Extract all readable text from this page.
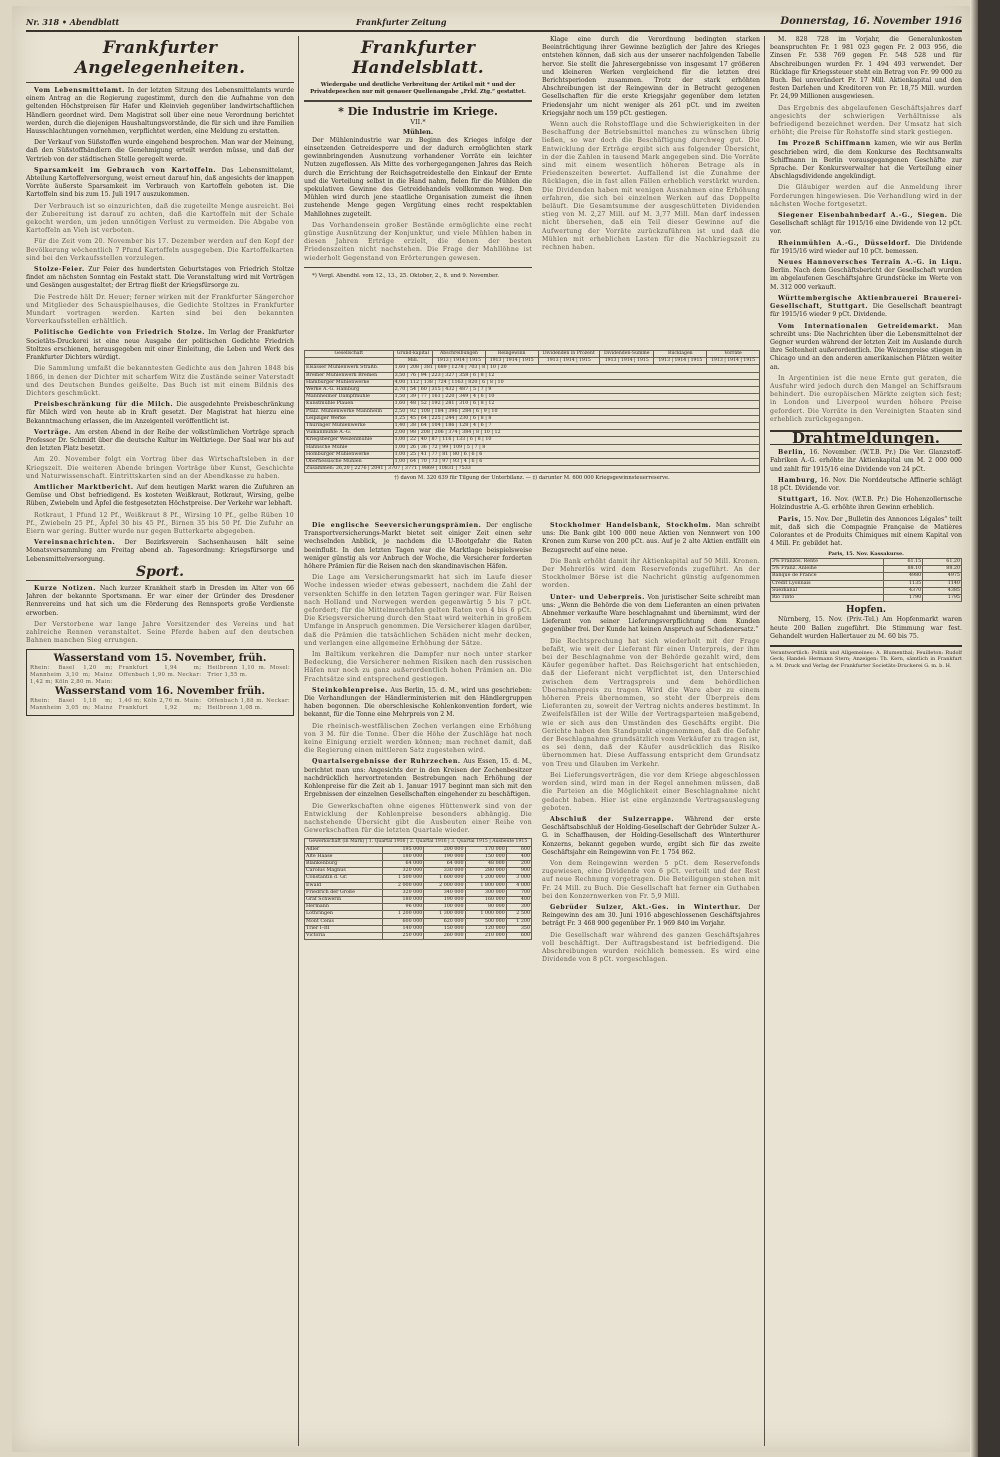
Nr. 318 • Abendblatt	Frankfurter Zeitung	Donnerstag, 16. November 1916
Frankfurter Angelegenheiten.

Vom Lebensmittelamt. In der letzten Sitzung des Lebensmittelamts wurde einem Antrag an die Regierung zugestimmt, durch den die Aufnahme von den geltenden Höchstpreisen für Hafer und Kleinvieh gegenüber landwirtschaftlichen Händlern geordnet wird. Dem Magistrat soll über eine neue Verordnung berichtet werden, durch die diejenigen Haushaltungsvorstände, die für sich und ihre Familien Hausschlachtungen vornehmen, verpflichtet werden, eine Meldung zu erstatten.

Der Verkauf von Süßstoffen wurde eingehend besprochen. Man war der Meinung, daß den Süßstoffhändlern die Genehmigung erteilt werden müsse, und daß der Vertrieb von der städtischen Stelle geregelt werde.

Sparsamkeit im Gebrauch von Kartoffeln. Das Lebensmittelamt, Abteilung Kartoffelversorgung, weist erneut darauf hin, daß angesichts der knappen Vorräte äußerste Sparsamkeit im Verbrauch von Kartoffeln geboten ist. Die Kartoffeln sind bis zum 15. Juli 1917 auszukommen.

Der Verbrauch ist so einzurichten, daß die zugeteilte Menge ausreicht. Bei der Zubereitung ist darauf zu achten, daß die Kartoffeln mit der Schale gekocht werden, um jeden unnötigen Verlust zu vermeiden. Die Abgabe von Kartoffeln an Vieh ist verboten.

Für die Zeit vom 20. November bis 17. Dezember werden auf den Kopf der Bevölkerung wöchentlich 7 Pfund Kartoffeln ausgegeben. Die Kartoffelkarten sind bei den Verkaufsstellen vorzulegen.

Stolze-Feier. Zur Feier des hundertsten Geburtstages von Friedrich Stoltze findet am nächsten Sonntag ein Festakt statt. Die Veranstaltung wird mit Vorträgen und Gesängen ausgestaltet; der Ertrag fließt der Kriegsfürsorge zu.

Die Festrede hält Dr. Heuer; ferner wirken mit der Frankfurter Sängerchor und Mitglieder des Schauspielhauses, die Gedichte Stoltzes in Frankfurter Mundart vortragen werden. Karten sind bei den bekannten Vorverkaufsstellen erhältlich.

Politische Gedichte von Friedrich Stolze. Im Verlag der Frankfurter Societäts-Druckerei ist eine neue Ausgabe der politischen Gedichte Friedrich Stoltzes erschienen, herausgegeben mit einer Einleitung, die Leben und Werk des Frankfurter Dichters würdigt.

Die Sammlung umfaßt die bekanntesten Gedichte aus den Jahren 1848 bis 1866, in denen der Dichter mit scharfem Witz die Zustände seiner Vaterstadt und des Deutschen Bundes geißelte. Das Buch ist mit einem Bildnis des Dichters geschmückt.

Preisbeschränkung für die Milch. Die ausgedehnte Preisbeschränkung für Milch wird von heute ab in Kraft gesetzt. Der Magistrat hat hierzu eine Bekanntmachung erlassen, die im Anzeigenteil veröffentlicht ist.

Vorträge. Am ersten Abend in der Reihe der volkstümlichen Vorträge sprach Professor Dr. Schmidt über die deutsche Kultur im Weltkriege. Der Saal war bis auf den letzten Platz besetzt.

Am 20. November folgt ein Vortrag über das Wirtschaftsleben in der Kriegszeit. Die weiteren Abende bringen Vorträge über Kunst, Geschichte und Naturwissenschaft. Eintrittskarten sind an der Abendkasse zu haben.

Amtlicher Marktbericht. Auf dem heutigen Markt waren die Zufuhren an Gemüse und Obst befriedigend. Es kosteten Weißkraut, Rotkraut, Wirsing, gelbe Rüben, Zwiebeln und Äpfel die festgesetzten Höchstpreise. Der Verkehr war lebhaft.

Rotkraut, 1 Pfund 12 Pf., Weißkraut 8 Pf., Wirsing 10 Pf., gelbe Rüben 10 Pf., Zwiebeln 25 Pf., Äpfel 30 bis 45 Pf., Birnen 35 bis 50 Pf. Die Zufuhr an Eiern war gering. Butter wurde nur gegen Butterkarte abgegeben.

Vereinsnachrichten. Der Bezirksverein Sachsenhausen hält seine Monatsversammlung am Freitag abend ab. Tagesordnung: Kriegsfürsorge und Lebensmittelversorgung.

Sport.

Kurze Notizen. Nach kurzer Krankheit starb in Dresden im Alter von 66 Jahren der bekannte Sportsmann. Er war einer der Gründer des Dresdener Rennvereins und hat sich um die Förderung des Rennsports große Verdienste erworben.

Der Verstorbene war lange Jahre Vorsitzender des Vereins und hat zahlreiche Rennen veranstaltet. Seine Pferde haben auf den deutschen Bahnen manchen Sieg errungen.

Wasserstand vom 15. November, früh.
Rhein: Basel 1,20 m; Mannheim 3,10 m; Mainz 1,42 m; Köln 2,80 m. Main: Frankfurt 1,94 m; Offenbach 1,90 m. Neckar: Heilbronn 1,10 m. Mosel: Trier 1,55 m.
Wasserstand vom 16. November früh.
Rhein: Basel 1,18 m; Mannheim 3,05 m; Mainz 1,40 m; Köln 2,76 m. Main: Frankfurt 1,92 m; Offenbach 1,88 m. Neckar: Heilbronn 1,08 m.
Frankfurter Handelsblatt.
Wiedergabe und deutliche Verbreitung der Artikel mit * und der Privatdepeschen nur mit genauer Quellenangabe „Frkf. Ztg.“ gestattet.
* Die Industrie im Kriege.
VII.*
Mühlen.

Der Mühlenindustrie war zu Beginn des Krieges infolge der einsetzenden Getreidesperre und der dadurch ermöglichten stark gewinnbringenden Ausnutzung vorhandener Vorräte ein leichter Nutzen zugeflossen. Als Mitte des vorhergegangenen Jahres das Reich durch die Errichtung der Reichsgetreidestelle den Einkauf der Ernte und die Verteilung selbst in die Hand nahm, fielen für die Mühlen die spekulativen Gewinne des Getreidehandels vollkommen weg. Den Mühlen wird durch jene staatliche Organisation zumeist die ihnen zustehende Menge gegen Vergütung eines recht respektablen Mahllohnes zugeteilt.

Das Vorhandensein großer Bestände ermöglichte eine recht günstige Ausnützung der Konjunktur, und viele Mühlen haben in diesen Jahren Erträge erzielt, die denen der besten Friedenszeiten nicht nachstehen. Die Frage der Mahllöhne ist wiederholt Gegenstand von Erörterungen gewesen.

*) Vergl. Abendbl. vom 12., 13., 25. Oktober, 2., 8. und 9. November.

Klage eine durch die Verordnung bedingten starken Beeinträchtigung ihrer Gewinne bezüglich der Jahre des Krieges entstehen können, daß sich aus der unserer nachfolgenden Tabelle hervor. Sie stellt die Jahresergebnisse von insgesamt 17 größeren und kleineren Werken vergleichend für die letzten drei Berichtsperioden zusammen. Trotz der stark erhöhten Abschreibungen ist der Reingewinn der in Betracht gezogenen Gesellschaften für die erste Kriegsjahr gegenüber dem letzten Friedensjahr um nicht weniger als 261 pCt. und im zweiten Kriegsjahr noch um 159 pCt. gestiegen.

Wenn auch die Rohstofflage und die Schwierigkeiten in der Beschaffung der Betriebsmittel manches zu wünschen übrig ließen, so war doch die Beschäftigung durchweg gut. Die Entwicklung der Erträge ergibt sich aus folgender Übersicht, in der die Zahlen in tausend Mark angegeben sind. Die Vorräte sind mit einem wesentlich höheren Betrage als in Friedenszeiten bewertet. Auffallend ist die Zunahme der Rücklagen, die in fast allen Fällen erheblich verstärkt wurden. Die Dividenden haben mit wenigen Ausnahmen eine Erhöhung erfahren, die sich bei einzelnen Werken auf das Doppelte beläuft. Die Gesamtsumme der ausgeschütteten Dividenden stieg von M. 2,27 Mill. auf M. 3,77 Mill. Man darf indessen nicht übersehen, daß ein Teil dieser Gewinne auf die Aufwertung der Vorräte zurückzuführen ist und daß die Mühlen mit erheblichen Lasten für die Nachkriegszeit zu rechnen haben.

Gesellschaft	Grund-kapital	Abschreibungen	Reingewinn	Dividenden in Prozent	Dividenden-Summe	Rücklagen	Vorräte
	Mill.	1913 | 1914 | 1915	1913 | 1914 | 1915	1913 | 1914 | 1915	1913 | 1914 | 1915	1913 | 1914 | 1915	1913 | 1914 | 1915
Elsässer Mühlenwerk Straßb.	1,60 | 208 | 381 | 689 | 1278 | 703 | 8 | 10 | 20						
Bremer Mühlenwerk Bremen	3,50 | 76 | 94 | 223 | 327 | 358 | 6 | 8 | 12						
Hamburger Mühlenwerke	4,00 | 112 | 138 | 724 | 1163 | 820 | 6 | 8 | 10						
Werke A.-G. Hamburg	2,70 | 54 | 60 | 315 | 432 | 487 | 5 | 7 | 9						
Mannheimer Dampfmühle	1,50 | 39 | 77 | 161 | 220 | 349 | 4 | 6 | 10						
Kunstmühle Plauen	1,60 | 48 | 52 | 192 | 281 | 310 | 6 | 8 | 12						
Pfälz. Mühlenwerke Mannheim	2,50 | 92 | 108 | 184 | 396 | 284 | 6 | 9 | 10						
Leipziger Werke	1,25 | 45 | 64 | 225 | 244 | 230 | 6 | 8 | 8						
Thüringer Mühlenwerke	1,40 | 38 | 64 | 104 | 186 | 128 | 4 | 6 | 7						
Vulkanmühle A.-G.	2,00 | 98 | 208 | 206 | 374 | 384 | 8 | 10 | 12						
Kriegsberger Weizenmühle	1,00 | 22 | 40 | 87 | 116 | 133 | 6 | 8 | 10						
Hahnsche Mühle	1,00 | 26 | 36 | 72 | 99 | 109 | 5 | 7 | 8						
Homburger Mühlenwerke	1,00 | 25 | 41 | 77 | 81 | 80 | 6 | 6 | 6						
Oberhessische Mühlen	1,00 | 64 | 70 | 73 | 97 | 93 | 4 | 6 | 6						
Zusammen: 26,20 | 2276 | 2041 | 3707 | 3771 | 9869 | 10831 | 7533							
†) davon M. 320 639 für Tilgung der Unterbilanz. — ‡) darunter M. 600 000 Kriegsgewinnsteuerreserve.

Die englische Seeversicherungsprämien. Der englische Transportversicherungs-Markt bietet seit einiger Zeit einen sehr wechselnden Anblick, je nachdem die U-Bootgefahr die Raten beeinflußt. In den letzten Tagen war die Marktlage beispielsweise weniger günstig als vor Anbruch der Woche, die Versicherer forderten höhere Prämien für die Reisen nach den skandinavischen Häfen.

Die Lage am Versicherungsmarkt hat sich im Laufe dieser Woche indessen wieder etwas gebessert, nachdem die Zahl der versenkten Schiffe in den letzten Tagen geringer war. Für Reisen nach Holland und Norwegen werden gegenwärtig 5 bis 7 pCt. gefordert; für die Mittelmeerhäfen gelten Raten von 4 bis 6 pCt. Die Kriegsversicherung durch den Staat wird weiterhin in großem Umfange in Anspruch genommen. Die Versicherer klagen darüber, daß die Prämien die tatsächlichen Schäden nicht mehr decken, und verlangen eine allgemeine Erhöhung der Sätze.

Im Baltikum verkehren die Dampfer nur noch unter starker Bedeckung, die Versicherer nehmen Risiken nach den russischen Häfen nur noch zu ganz außerordentlich hohen Prämien an. Die Frachtsätze sind entsprechend gestiegen.

Steinkohlenpreise. Aus Berlin, 15. d. M., wird uns geschrieben: Die Verhandlungen der Händlerministerien mit den Händlergruppen haben begonnen. Die oberschlesische Kohlenkonvention fordert, wie bekannt, für die Tonne eine Mehrpreis von 2 M.

Die rheinisch-westfälischen Zechen verlangen eine Erhöhung von 3 M. für die Tonne. Über die Höhe der Zuschläge hat noch keine Einigung erzielt werden können; man rechnet damit, daß die Regierung einen mittleren Satz zugestehen wird.

Quartalsergebnisse der Ruhrzechen. Aus Essen, 15. d. M., berichtet man uns: Angesichts der in den Kreisen der Zechenbesitzer nachdrücklich hervortretenden Bestrebungen nach Erhöhung der Kohlenpreise für die Zeit ab 1. Januar 1917 beginnt man sich mit den Ergebnissen der einzelnen Gesellschaften eingehender zu beschäftigen.

Die Gewerkschaften ohne eigenes Hüttenwerk sind von der Entwicklung der Kohlenpreise besonders abhängig. Die nachstehende Übersicht gibt die Ausbeuten einer Reihe von Gewerkschaften für die letzten Quartale wieder.

Gewerkschaft (in Mark) | 1. Quartal 1916 | 2. Quartal 1916 | 3. Quartal 1915 | Ausbeute 1915				
Adler	195 000	200 000	170 000	600
Alte Haase	180 000	190 000	150 000	400
Blankenburg	64 000	64 000	48 000	200
Carolus Magnus	320 000	330 000	280 000	900
Constantin d. Gr.	1 500 000	1 600 000	1 200 000	3 000
Ewald	2 000 000	2 000 000	1 800 000	4 000
Friedrich der Große	320 000	340 000	300 000	700
Graf Schwerin	180 000	190 000	160 000	400
Hermann	96 000	100 000	80 000	300
Lothringen	1 200 000	1 300 000	1 000 000	2 500
Mont Cenis	600 000	620 000	500 000	1 200
Trier I–III	140 000	150 000	120 000	350
Victoria	250 000	260 000	210 000	600

Stockholmer Handelsbank, Stockholm. Man schreibt uns: Die Bank gibt 100 000 neue Aktien von Nennwert von 100 Kronen zum Kurse von 200 pCt. aus. Auf je 2 alte Aktien entfällt ein Bezugsrecht auf eine neue.

Die Bank erhöht damit ihr Aktienkapital auf 50 Mill. Kronen. Der Mehrerlös wird dem Reservefonds zugeführt. An der Stockholmer Börse ist die Nachricht günstig aufgenommen worden.

Unter- und Ueberpreis. Von juristischer Seite schreibt man uns: „Wenn die Behörde die von dem Lieferanten an einen privaten Abnehmer verkaufte Ware beschlagnahmt und übernimmt, wird der Lieferant von seiner Lieferungsverpflichtung dem Kunden gegenüber frei. Der Kunde hat keinen Anspruch auf Schadenersatz.“

Die Rechtsprechung hat sich wiederholt mit der Frage befaßt, wie weit der Lieferant für einen Unterpreis, der ihm bei der Beschlagnahme von der Behörde gezahlt wird, dem Käufer gegenüber haftet. Das Reichsgericht hat entschieden, daß der Lieferant nicht verpflichtet ist, den Unterschied zwischen dem Vertragspreis und dem behördlichen Übernahmepreis zu tragen. Wird die Ware aber zu einem höheren Preis übernommen, so steht der Überpreis dem Lieferanten zu, soweit der Vertrag nichts anderes bestimmt. In Zweifelsfällen ist der Wille der Vertragsparteien maßgebend, wie er sich aus den Umständen des Geschäfts ergibt. Die Gerichte haben den Standpunkt eingenommen, daß die Gefahr der Beschlagnahme grundsätzlich vom Verkäufer zu tragen ist, es sei denn, daß der Käufer ausdrücklich das Risiko übernommen hat. Diese Auffassung entspricht dem Grundsatz von Treu und Glauben im Verkehr.

Bei Lieferungsverträgen, die vor dem Kriege abgeschlossen worden sind, wird man in der Regel annehmen müssen, daß die Parteien an die Möglichkeit einer Beschlagnahme nicht gedacht haben. Hier ist eine ergänzende Vertragsauslegung geboten.

Abschluß der Sulzerrappe. Während der erste Geschäftsabschluß der Holding-Gesellschaft der Gebrüder Sulzer A.-G. in Schaffhausen, der Holding-Gesellschaft des Winterthurer Konzerns, bekannt gegeben wurde, ergibt sich für das zweite Geschäftsjahr ein Reingewinn von Fr. 1 754 862.

Von dem Reingewinn werden 5 pCt. dem Reservefonds zugewiesen, eine Dividende von 6 pCt. verteilt und der Rest auf neue Rechnung vorgetragen. Die Beteiligungen stehen mit Fr. 24 Mill. zu Buch. Die Gesellschaft hat ferner ein Guthaben bei den Konzernwerken von Fr. 5,9 Mill.

Gebrüder Sulzer, Akt.-Ges. in Winterthur. Der Reingewinn des am 30. Juni 1916 abgeschlossenen Geschäftsjahres beträgt Fr. 3 468 900 gegenüber Fr. 1 969 840 im Vorjahr.

Die Gesellschaft war während des ganzen Geschäftsjahres voll beschäftigt. Der Auftragsbestand ist befriedigend. Die Abschreibungen wurden reichlich bemessen. Es wird eine Dividende von 8 pCt. vorgeschlagen.

M. 828 728 im Vorjahr, die Generalunkosten beanspruchten Fr. 1 981 023 gegen Fr. 2 003 956, die Zinsen Fr. 538 769 gegen Fr. 548 528 und für Abschreibungen wurden Fr. 1 494 493 verwendet. Der Rücklage für Kriegssteuer steht ein Betrag von Fr. 99 000 zu Buch. Bei unverändert Fr. 17 Mill. Aktienkapital und den festen Darlehen und Kreditoren von Fr. 18,75 Mill. wurden Fr. 24,99 Millionen ausgewiesen.

Das Ergebnis des abgelaufenen Geschäftsjahres darf angesichts der schwierigen Verhältnisse als befriedigend bezeichnet werden. Der Umsatz hat sich erhöht; die Preise für Rohstoffe sind stark gestiegen.

Im Prozeß Schiffmann kamen, wie wir aus Berlin geschrieben wird, die dem Konkurse des Rechtsanwalts Schiffmann in Berlin vorausgegangenen Geschäfte zur Sprache. Der Konkursverwalter hat die Verteilung einer Abschlagsdividende angekündigt.

Die Gläubiger werden auf die Anmeldung ihrer Forderungen hingewiesen. Die Verhandlung wird in der nächsten Woche fortgesetzt.

Siegener Eisenbahnbedarf A.-G., Siegen. Die Gesellschaft schlägt für 1915/16 eine Dividende von 12 pCt. vor.

Rheinmühlen A.-G., Düsseldorf. Die Dividende für 1915/16 wird wieder auf 10 pCt. bemessen.

Neues Hannoversches Terrain A.-G. in Liqu. Berlin. Nach dem Geschäftsbericht der Gesellschaft wurden im abgelaufenen Geschäftsjahre Grundstücke im Werte von M. 312 000 verkauft.

Württembergische Aktienbrauerei Brauerei-Gesellschaft, Stuttgart. Die Gesellschaft beantragt für 1915/16 wieder 9 pCt. Dividende.

Vom Internationalen Getreidemarkt. Man schreibt uns: Die Nachrichten über die Lebensmittelnot der Gegner wurden während der letzten Zeit im Auslande durch ihre Seltenheit außerordentlich. Die Weizenpreise stiegen in Chicago und an den anderen amerikanischen Plätzen weiter an.

In Argentinien ist die neue Ernte gut geraten, die Ausfuhr wird jedoch durch den Mangel an Schiffsraum behindert. Die europäischen Märkte zeigten sich fest; in London und Liverpool wurden höhere Preise gefordert. Die Vorräte in den Vereinigten Staaten sind erheblich zurückgegangen.

Drahtmeldungen.

Berlin, 16. November. (W.T.B. Pr.) Die Ver. Glanzstoff-Fabriken A.-G. erhöhte ihr Aktienkapital um M. 2 000 000 und zahlt für 1915/16 eine Dividende von 24 pCt.

Hamburg, 16. Nov. Die Norddeutsche Affinerie schlägt 18 pCt. Dividende vor.

Stuttgart, 16. Nov. (W.T.B. Pr.) Die Hohenzollernsche Holzindustrie A.-G. erhöhte ihren Gewinn erheblich.

Paris, 15. Nov. Der „Bulletin des Annonces Légales“ teilt mit, daß sich die Compagnie Française de Matières Colorantes et de Produits Chimiques mit einem Kapital von 4 Mill. Fr. gebildet hat.

Paris, 15. Nov. Kassakurse.
3% Französ. Rente	61.15	61.20
5% Franz. Anleihe	88.10	88.20
Banque de France	4980	4975
Crédit Lyonnais	1135	1140
Suezkanal	4370	4385
Rio Tinto	1790	1795
Hopfen.

Nürnberg, 15. Nov. (Priv.-Tel.) Am Hopfenmarkt waren heute 200 Ballen zugeführt. Die Stimmung war fest. Gehandelt wurden Hallertauer zu M. 60 bis 75.

Verantwortlich: Politik und Allgemeines: A. Blumenthal; Feuilleton: Rudolf Geck; Handel: Hermann Stern; Anzeigen: Th. Kern, sämtlich in Frankfurt a. M. Druck und Verlag der Frankfurter Societäts-Druckerei G. m. b. H.
